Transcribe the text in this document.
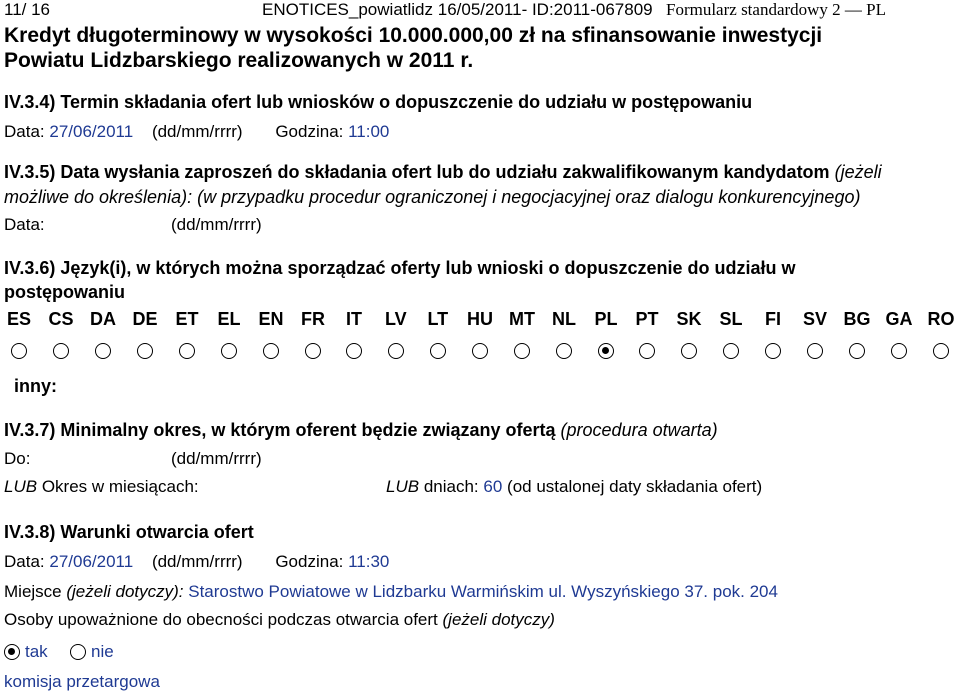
11/ 16	ENOTICES_powiatlidz 16/05/2011- ID:2011-067809 Formularz standardowy 2 — PL
Kredyt długoterminowy w wysokości 10.000.000,00 zł na sfinansowanie inwestycji
Powiatu Lidzbarskiego realizowanych w 2011 r.
IV.3.4) Termin składania ofert lub wniosków o dopuszczenie do udziału w postępowaniu
Data: 27/06/2011 (dd/mm/rrrr) Godzina: 11:00
IV.3.5) Data wysłania zaproszeń do składania ofert lub do udziału zakwalifikowanym kandydatom (jeżeli
możliwe do określenia): (w przypadku procedur ograniczonej i negocjacyjnej oraz dialogu konkurencyjnego)
Data:	(dd/mm/rrrr)
IV.3.6) Język(i), w których można sporządzać oferty lub wnioski o dopuszczenie do udziału w
postępowaniu
ES CS DA DE ET EL EN FR IT LV LT HU MT NL PL PT SK SL FI SV BG GA RO
inny:
IV.3.7) Minimalny okres, w którym oferent będzie związany ofertą (procedura otwarta)
Do:	(dd/mm/rrrr)
LUB Okres w miesiącach:	LUB dniach: 60 (od ustalonej daty składania ofert)
IV.3.8) Warunki otwarcia ofert
Data: 27/06/2011 (dd/mm/rrrr) Godzina: 11:30
Miejsce (jeżeli dotyczy): Starostwo Powiatowe w Lidzbarku Warmińskim ul. Wyszyńskiego 37. pok. 204
Osoby upoważnione do obecności podczas otwarcia ofert (jeżeli dotyczy)
tak	nie
komisja przetargowa
